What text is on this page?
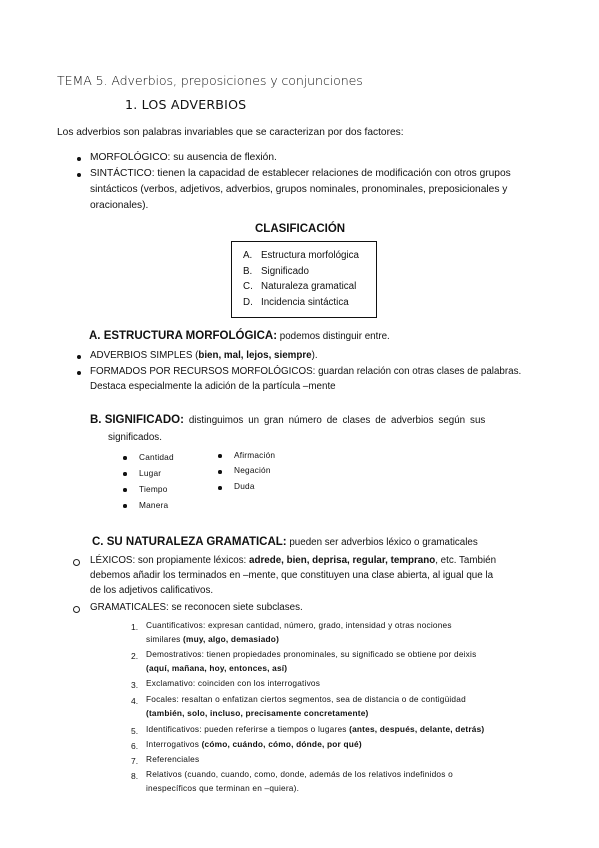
TEMA 5. Adverbios, preposiciones y conjunciones
1. LOS ADVERBIOS
Los adverbios son palabras invariables que se caracterizan por dos factores:
MORFOLÓGICO: su ausencia de flexión.
SINTÁCTICO: tienen la capacidad de establecer relaciones de modificación con otros grupos
sintácticos (verbos, adjetivos, adverbios, grupos nominales, pronominales, preposicionales y
oracionales).
CLASIFICACIÓN
A. Estructura morfológica
B. Significado
C. Naturaleza gramatical
D. Incidencia sintáctica
A. ESTRUCTURA MORFOLÓGICA: podemos distinguir entre.
ADVERBIOS SIMPLES (bien, mal, lejos, siempre).
FORMADOS POR RECURSOS MORFOLÓGICOS: guardan relación con otras clases de palabras.
Destaca especialmente la adición de la partícula –mente
B. SIGNIFICADO: distinguimos un gran número de clases de adverbios según sus
significados.
Cantidad
Lugar
Tiempo
Manera
Afirmación
Negación
Duda
C. SU NATURALEZA GRAMATICAL: pueden ser adverbios léxico o gramaticales
LÉXICOS: son propiamente léxicos: adrede, bien, deprisa, regular, temprano, etc. También
debemos añadir los terminados en –mente, que constituyen una clase abierta, al igual que la
de los adjetivos calificativos.
GRAMATICALES: se reconocen siete subclases.
1. Cuantificativos: expresan cantidad, número, grado, intensidad y otras nociones
similares (muy, algo, demasiado)
2. Demostrativos: tienen propiedades pronominales, su significado se obtiene por deixis
(aquí, mañana, hoy, entonces, así)
3. Exclamativo: coinciden con los interrogativos
4. Focales: resaltan o enfatizan ciertos segmentos, sea de distancia o de contigüidad
(también, solo, incluso, precisamente concretamente)
5. Identificativos: pueden referirse a tiempos o lugares (antes, después, delante, detrás)
6. Interrogativos (cómo, cuándo, cómo, dónde, por qué)
7. Referenciales
8. Relativos (cuando, cuando, como, donde, además de los relativos indefinidos o
inespecíficos que terminan en –quiera).
